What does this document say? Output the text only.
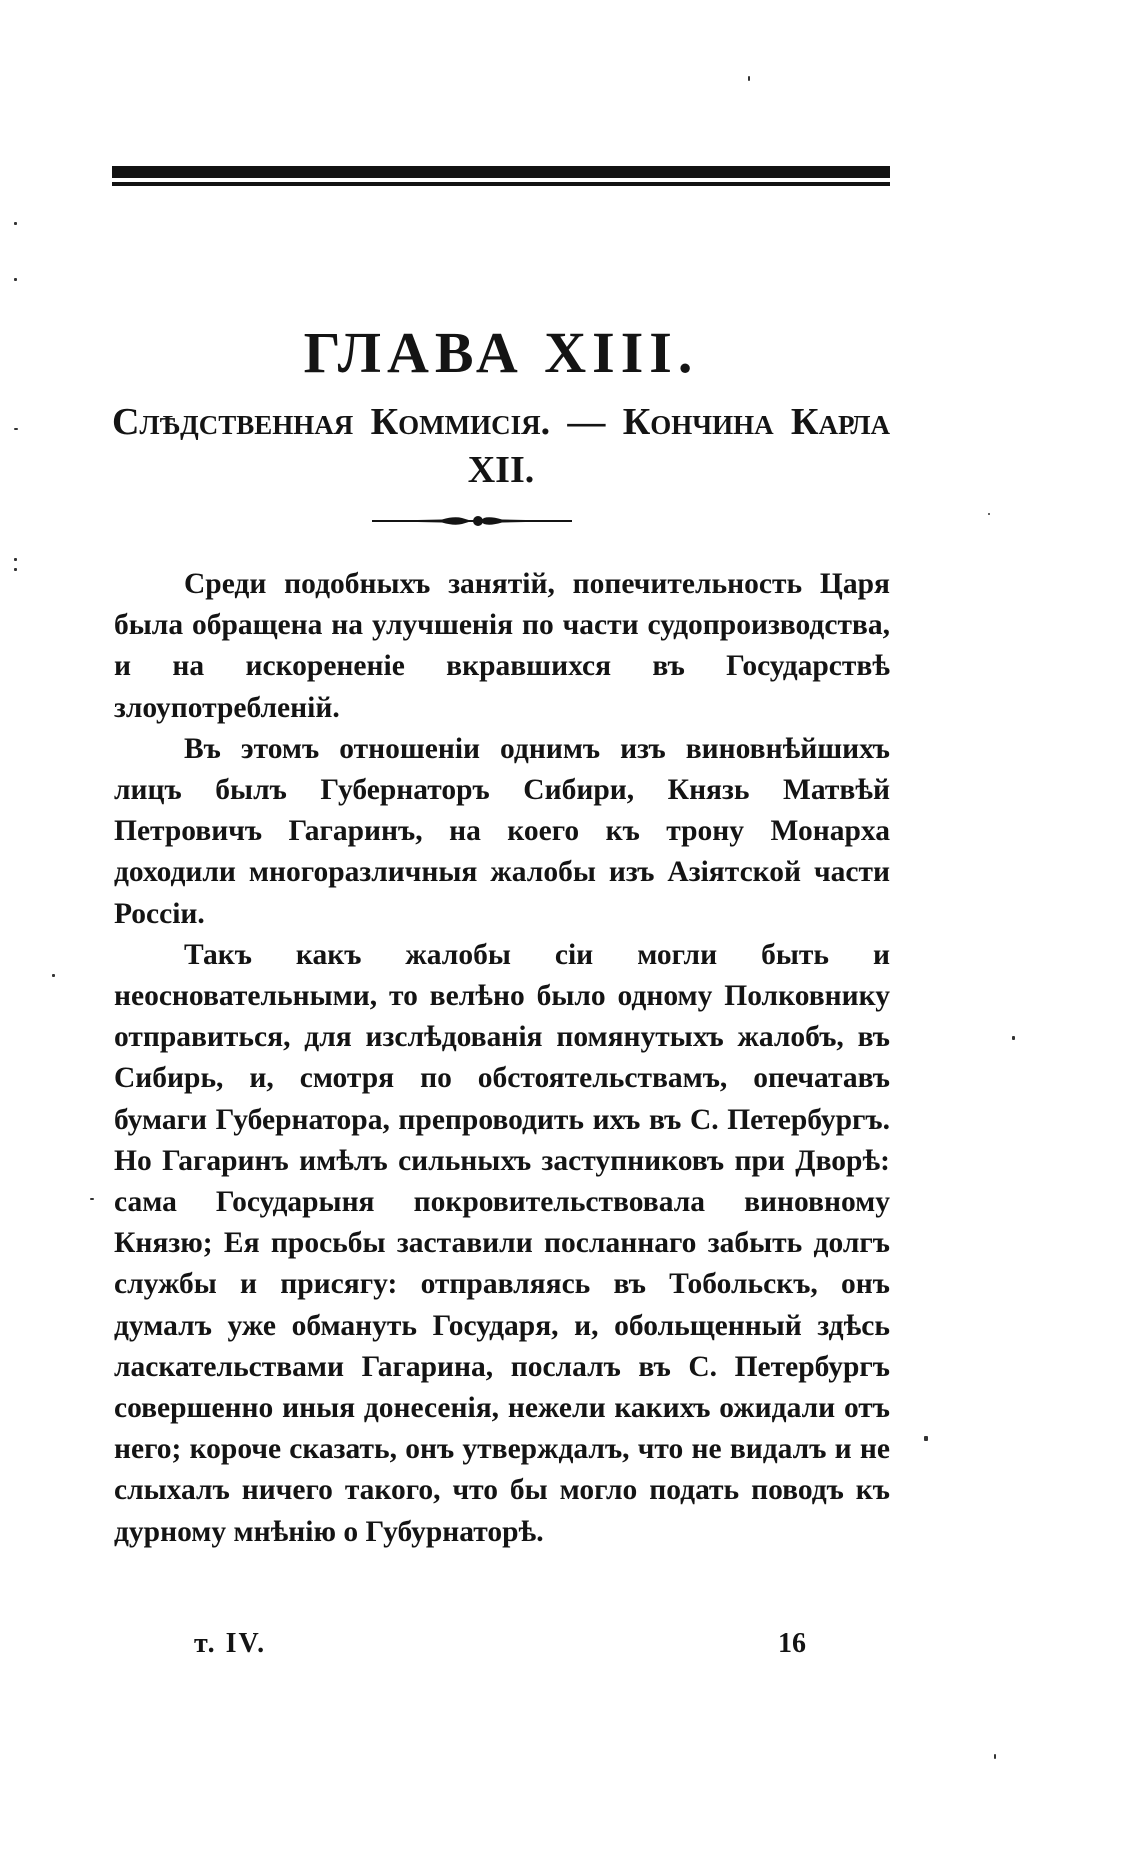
ГЛАВА XIII.
Слѣдственная Коммисія. — Кончина Карла XII.

Среди подобныхъ занятій, попечительность Царя была обращена на улучшенія по части судопроизводства, и на искорененіе вкравшихся въ Государствѣ злоупотребленій.

Въ этомъ отношеніи однимъ изъ виновнѣйшихъ лицъ былъ Губернаторъ Сибири, Князь Матвѣй Петровичъ Гагаринъ, на коего къ трону Монарха доходили многоразличныя жалобы изъ Азіятской части Россіи.

Такъ какъ жалобы сіи могли быть и неосновательными, то велѣно было одному Полковнику отправиться, для изслѣдованія помянутыхъ жалобъ, въ Сибирь, и, смотря по обстоятельствамъ, опечатавъ бумаги Губернатора, препроводить ихъ въ С. Петербургъ. Но Гагаринъ имѣлъ сильныхъ заступниковъ при Дворѣ: сама Государыня покровительствовала виновному Князю; Ея просьбы заставили посланнаго забыть долгъ службы и присягу: отправляясь въ Тобольскъ, онъ думалъ уже обмануть Государя, и, обольщенный здѣсь ласкательствами Гагарина, послалъ въ С. Петербургъ совершенно иныя донесенія, нежели какихъ ожидали отъ него; короче сказать, онъ утверждалъ, что не видалъ и не слыхалъ ничего такого, что бы могло подать поводъ къ дурному мнѣнію о Губурнаторѣ.

т. IV.	16
